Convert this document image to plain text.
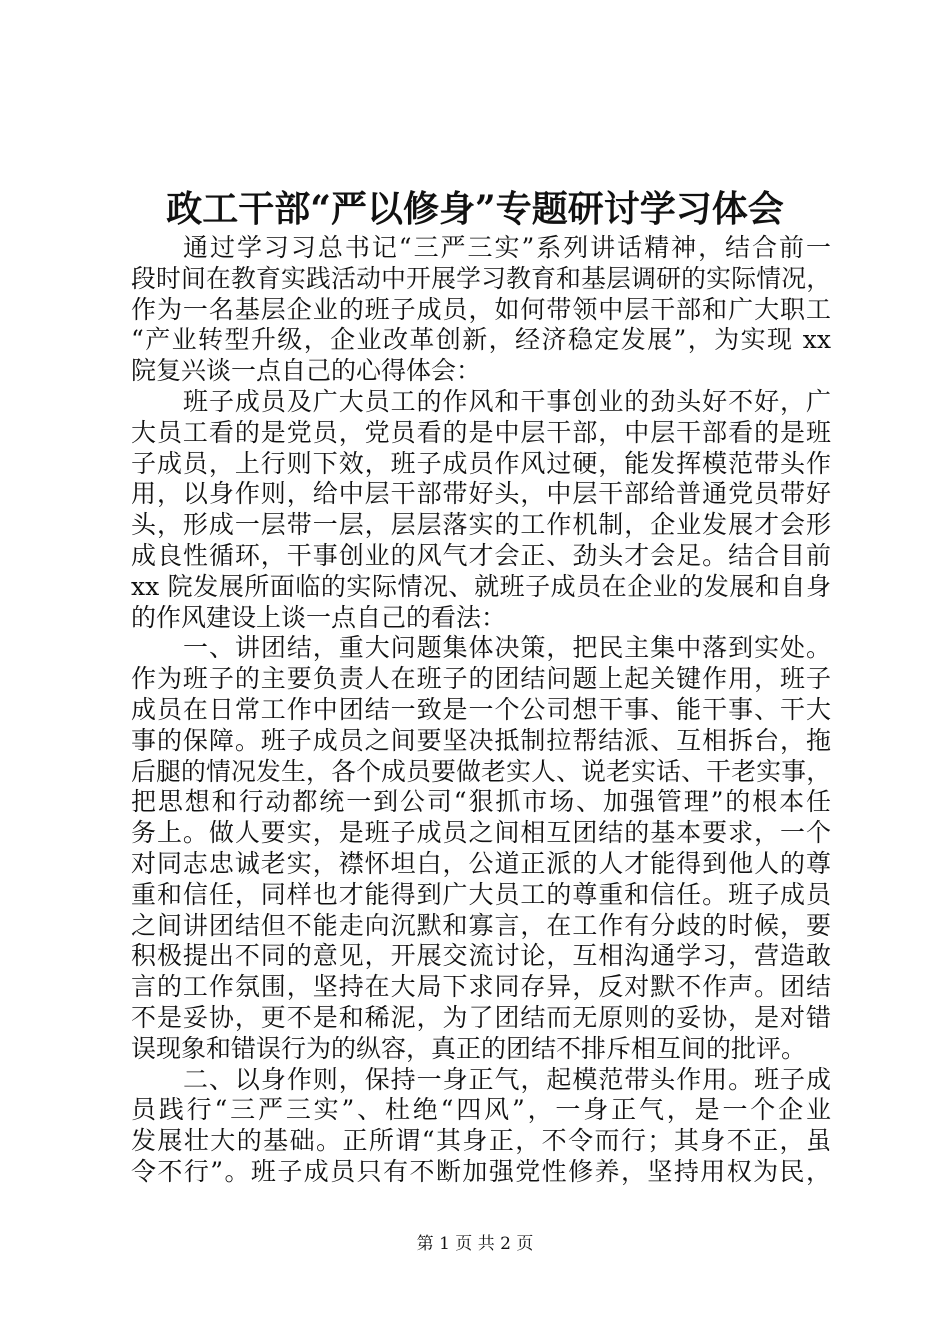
政工干部“严以修身”专题研讨学习体会
通过学习习总书记“三严三实”系列讲话精神，结合前一
段时间在教育实践活动中开展学习教育和基层调研的实际情况，
作为一名基层企业的班子成员，如何带领中层干部和广大职工
“产业转型升级，企业改革创新，经济稳定发展”，为实现 xx
院复兴谈一点自己的心得体会：
班子成员及广大员工的作风和干事创业的劲头好不好，广
大员工看的是党员，党员看的是中层干部，中层干部看的是班
子成员，上行则下效，班子成员作风过硬，能发挥模范带头作
用，以身作则，给中层干部带好头，中层干部给普通党员带好
头，形成一层带一层，层层落实的工作机制，企业发展才会形
成良性循环，干事创业的风气才会正、劲头才会足。结合目前
xx 院发展所面临的实际情况、就班子成员在企业的发展和自身
的作风建设上谈一点自己的看法：
一、讲团结，重大问题集体决策，把民主集中落到实处。
作为班子的主要负责人在班子的团结问题上起关键作用，班子
成员在日常工作中团结一致是一个公司想干事、能干事、干大
事的保障。班子成员之间要坚决抵制拉帮结派、互相拆台，拖
后腿的情况发生，各个成员要做老实人、说老实话、干老实事，
把思想和行动都统一到公司“狠抓市场、加强管理”的根本任
务上。做人要实，是班子成员之间相互团结的基本要求，一个
对同志忠诚老实，襟怀坦白，公道正派的人才能得到他人的尊
重和信任，同样也才能得到广大员工的尊重和信任。班子成员
之间讲团结但不能走向沉默和寡言，在工作有分歧的时候，要
积极提出不同的意见，开展交流讨论，互相沟通学习，营造敢
言的工作氛围，坚持在大局下求同存异，反对默不作声。团结
不是妥协，更不是和稀泥，为了团结而无原则的妥协，是对错
误现象和错误行为的纵容，真正的团结不排斥相互间的批评。
二、以身作则，保持一身正气，起模范带头作用。班子成
员践行“三严三实”、杜绝“四风”，一身正气，是一个企业
发展壮大的基础。正所谓“其身正，不令而行；其身不正，虽
令不行”。班子成员只有不断加强党性修养，坚持用权为民，
第 1 页 共 2 页
